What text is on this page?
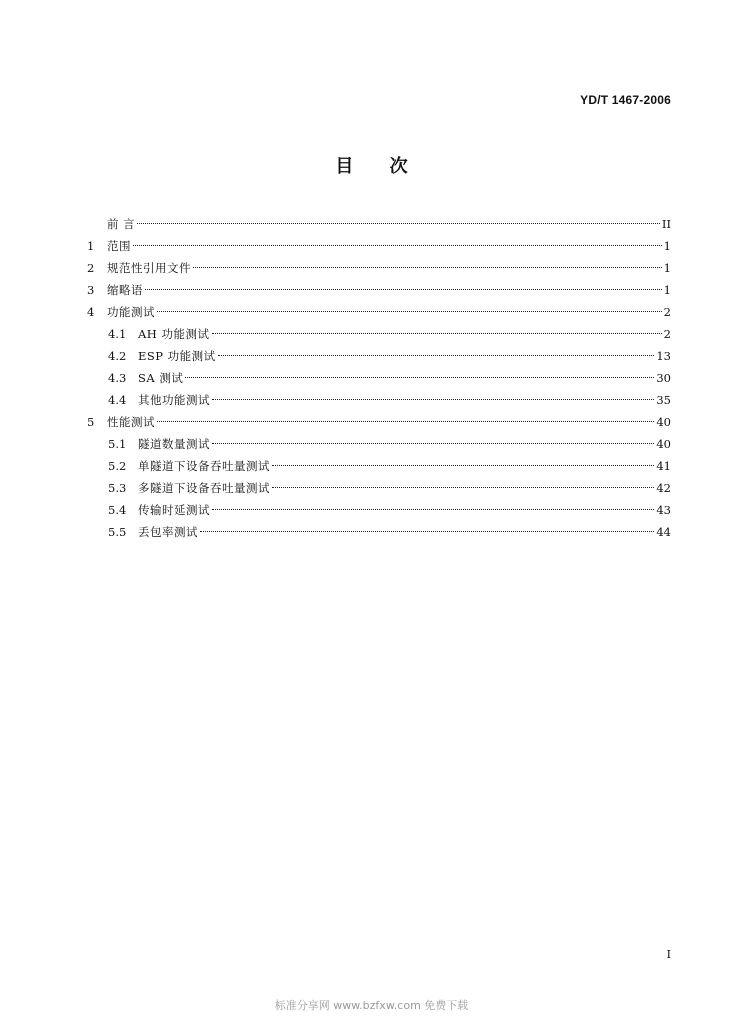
YD/T 1467-2006
目 次
前 言	II
1	范围	1
2	规范性引用文件	1
3	缩略语	1
4	功能测试	2
4.1	AH 功能测试	2
4.2	ESP 功能测试	13
4.3	SA 测试	30
4.4	其他功能测试	35
5	性能测试	40
5.1	隧道数量测试	40
5.2	单隧道下设备吞吐量测试	41
5.3	多隧道下设备吞吐量测试	42
5.4	传输时延测试	43
5.5	丢包率测试	44
I
标准分享网 www.bzfxw.com 免费下载
